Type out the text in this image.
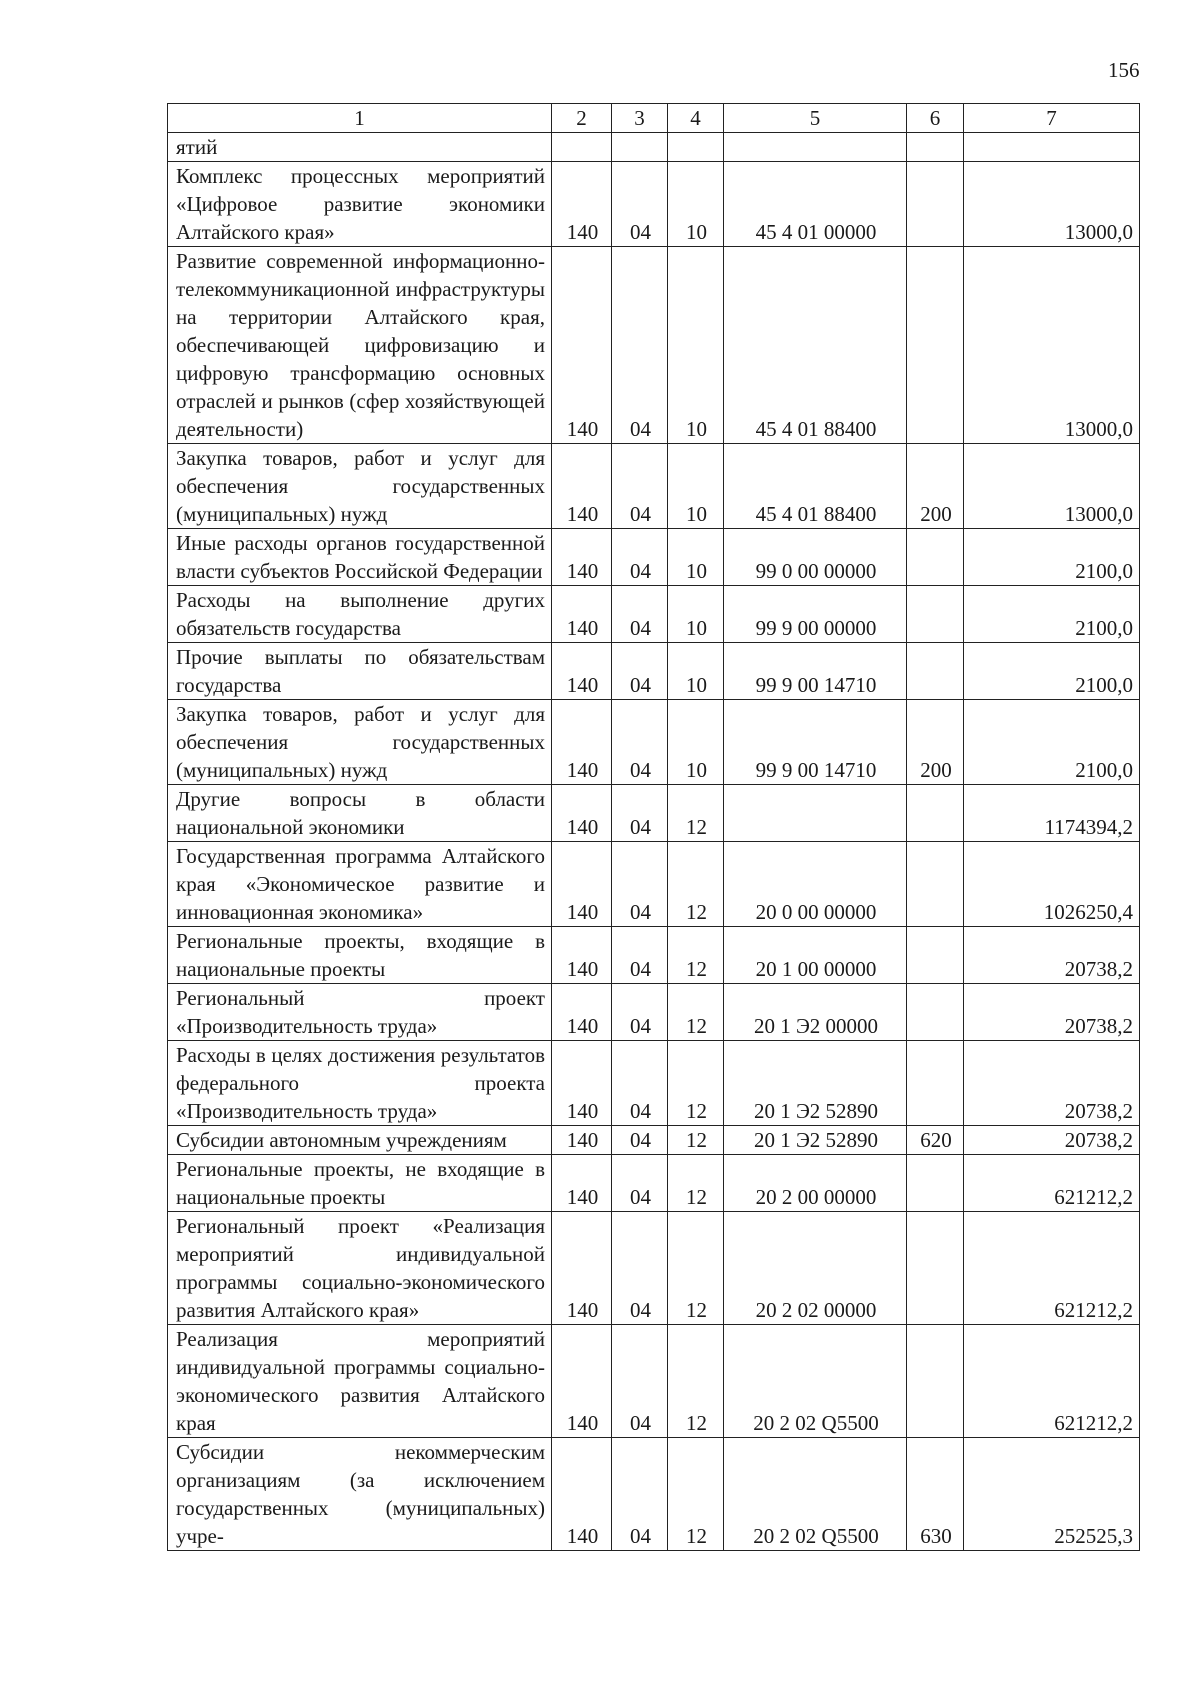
156
1	2	3	4	5	6	7
ятий						
Комплекс процессных мероприятий «Цифровое развитие экономики Алтайского края»	140	04	10	45 4 01 00000		13000,0
Развитие современной информационно-телекоммуникационной инфраструктуры на территории Алтайского края, обеспечивающей цифровизацию и цифровую трансформацию основных отраслей и рынков (сфер хозяйствующей деятельности)	140	04	10	45 4 01 88400		13000,0
Закупка товаров, работ и услуг для обеспечения государственных (муниципальных) нужд	140	04	10	45 4 01 88400	200	13000,0
Иные расходы органов государственной власти субъектов Российской Федерации	140	04	10	99 0 00 00000		2100,0
Расходы на выполнение других обязательств государства	140	04	10	99 9 00 00000		2100,0
Прочие выплаты по обязательствам государства	140	04	10	99 9 00 14710		2100,0
Закупка товаров, работ и услуг для обеспечения государственных (муниципальных) нужд	140	04	10	99 9 00 14710	200	2100,0
Другие вопросы в области национальной экономики	140	04	12			1174394,2
Государственная программа Алтайского края «Экономическое развитие и инновационная экономика»	140	04	12	20 0 00 00000		1026250,4
Региональные проекты, входящие в национальные проекты	140	04	12	20 1 00 00000		20738,2
Региональный проект «Производительность труда»	140	04	12	20 1 Э2 00000		20738,2
Расходы в целях достижения результатов федерального проекта «Производительность труда»	140	04	12	20 1 Э2 52890		20738,2
Субсидии автономным учреждениям	140	04	12	20 1 Э2 52890	620	20738,2
Региональные проекты, не входящие в национальные проекты	140	04	12	20 2 00 00000		621212,2
Региональный проект «Реализация мероприятий индивидуальной программы социально-экономического развития Алтайского края»	140	04	12	20 2 02 00000		621212,2
Реализация мероприятий индивидуальной программы социально-экономического развития Алтайского края	140	04	12	20 2 02 Q5500		621212,2
Субсидии некоммерческим организациям (за исключением государственных (муниципальных) учре-	140	04	12	20 2 02 Q5500	630	252525,3
